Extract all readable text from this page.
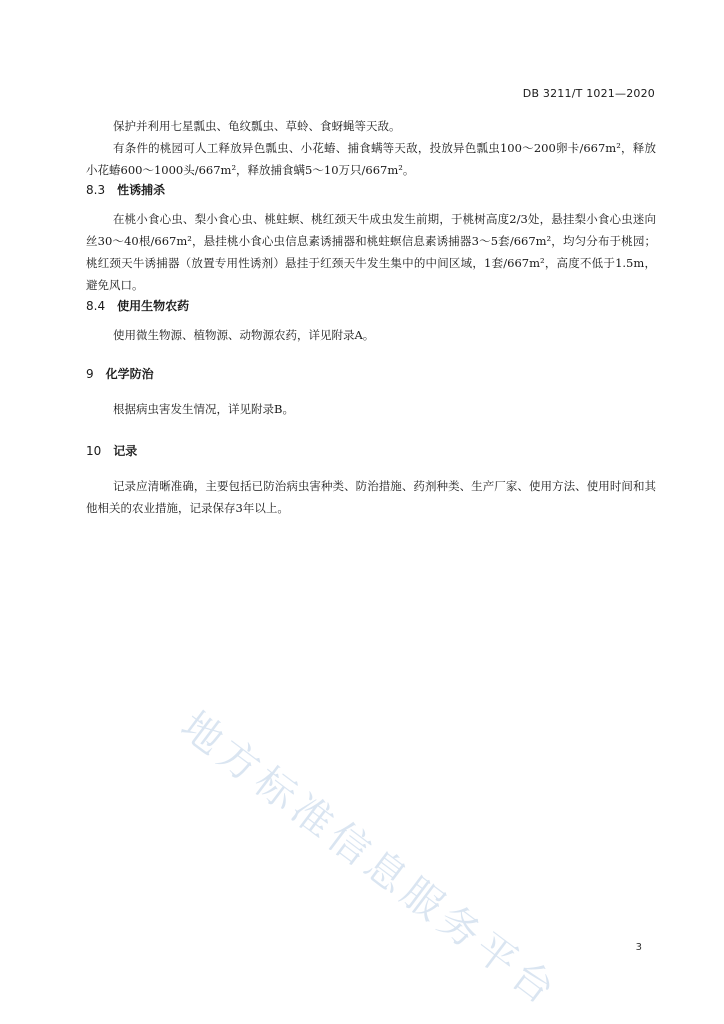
DB 3211/T 1021—2020
保护并利用七星瓢虫、龟纹瓢虫、草蛉、食蚜蝇等天敌。
有条件的桃园可人工释放异色瓢虫、小花蝽、捕食螨等天敌，投放异色瓢虫100～200卵卡/667m²，释放小花蝽600～1000头/667m²，释放捕食螨5～10万只/667m²。
8.3 性诱捕杀
在桃小食心虫、梨小食心虫、桃蛀螟、桃红颈天牛成虫发生前期，于桃树高度2/3处，悬挂梨小食心虫迷向丝30～40根/667m²，悬挂桃小食心虫信息素诱捕器和桃蛀螟信息素诱捕器3～5套/667m²，均匀分布于桃园；桃红颈天牛诱捕器（放置专用性诱剂）悬挂于红颈天牛发生集中的中间区域，1套/667m²，高度不低于1.5m，避免风口。
8.4 使用生物农药
使用微生物源、植物源、动物源农药，详见附录A。
9 化学防治
根据病虫害发生情况，详见附录B。
10 记录
记录应清晰准确，主要包括已防治病虫害种类、防治措施、药剂种类、生产厂家、使用方法、使用时间和其他相关的农业措施，记录保存3年以上。
地方标准信息服务平台	3
